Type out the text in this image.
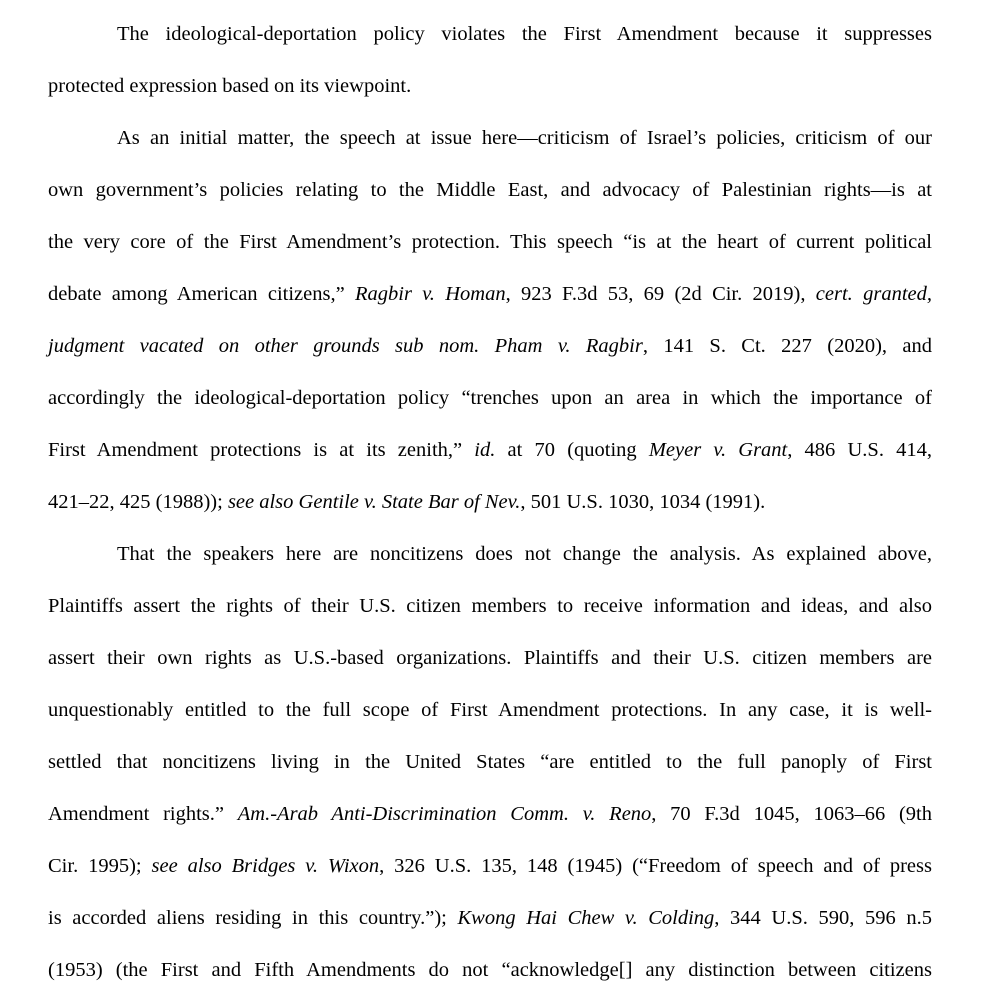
The ideological-deportation policy violates the First Amendment because it suppresses
protected expression based on its viewpoint.
As an initial matter, the speech at issue here—criticism of Israel’s policies, criticism of our
own government’s policies relating to the Middle East, and advocacy of Palestinian rights—is at
the very core of the First Amendment’s protection. This speech “is at the heart of current political
debate among American citizens,” Ragbir v. Homan, 923 F.3d 53, 69 (2d Cir. 2019), cert. granted,
judgment vacated on other grounds sub nom. Pham v. Ragbir, 141 S. Ct. 227 (2020), and
accordingly the ideological-deportation policy “trenches upon an area in which the importance of
First Amendment protections is at its zenith,” id. at 70 (quoting Meyer v. Grant, 486 U.S. 414,
421–22, 425 (1988)); see also Gentile v. State Bar of Nev., 501 U.S. 1030, 1034 (1991).
That the speakers here are noncitizens does not change the analysis. As explained above,
Plaintiffs assert the rights of their U.S. citizen members to receive information and ideas, and also
assert their own rights as U.S.-based organizations. Plaintiffs and their U.S. citizen members are
unquestionably entitled to the full scope of First Amendment protections. In any case, it is well-
settled that noncitizens living in the United States “are entitled to the full panoply of First
Amendment rights.” Am.-Arab Anti-Discrimination Comm. v. Reno, 70 F.3d 1045, 1063–66 (9th
Cir. 1995); see also Bridges v. Wixon, 326 U.S. 135, 148 (1945) (“Freedom of speech and of press
is accorded aliens residing in this country.”); Kwong Hai Chew v. Colding, 344 U.S. 590, 596 n.5
(1953) (the First and Fifth Amendments do not “acknowledge[] any distinction between citizens
